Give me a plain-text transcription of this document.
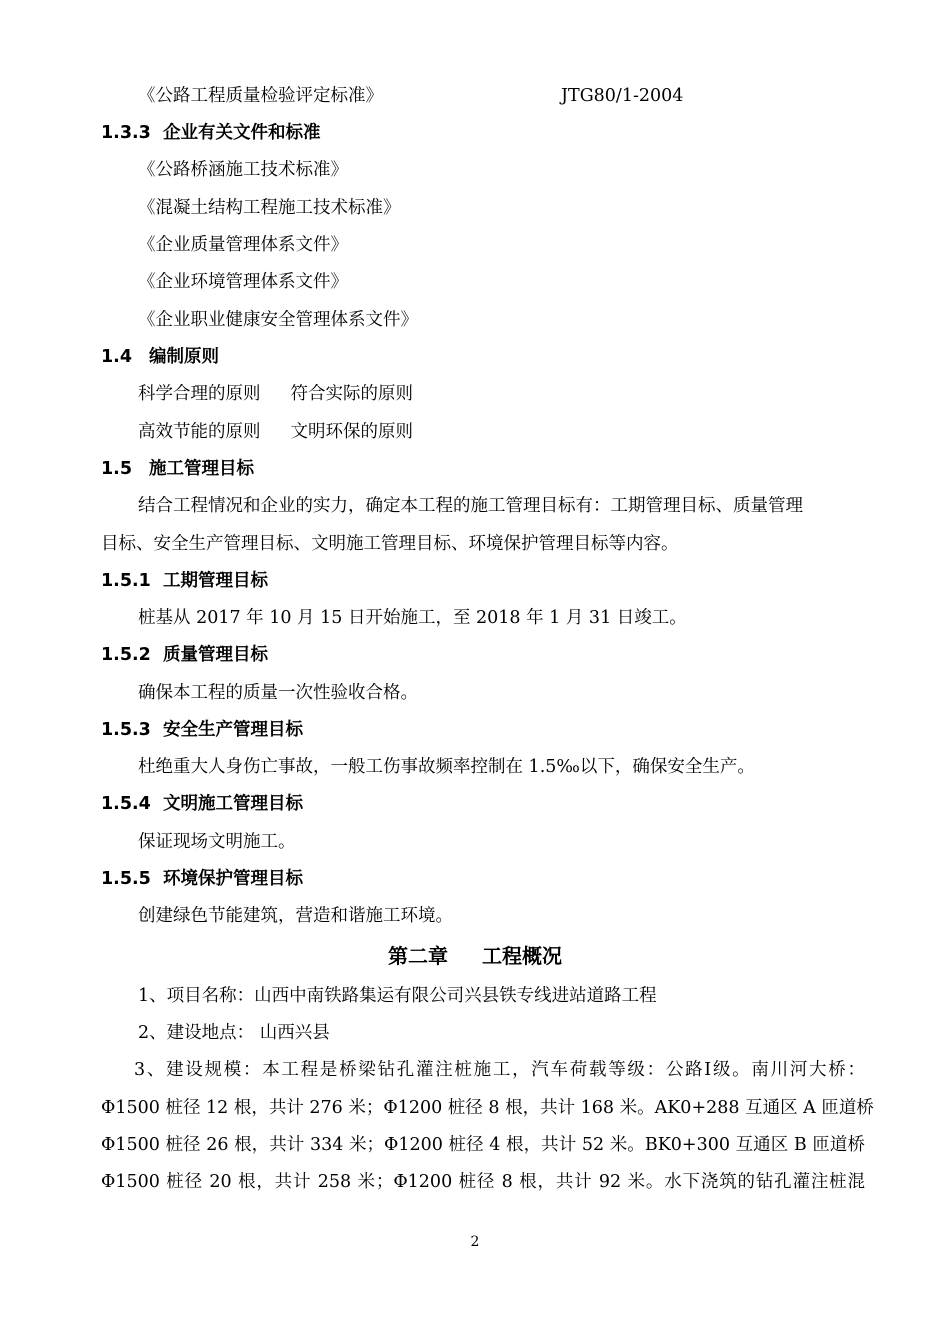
《公路工程质量检验评定标准》	JTG80/1-2004
1.3.3 企业有关文件和标准
《公路桥涵施工技术标准》
《混凝土结构工程施工技术标准》
《企业质量管理体系文件》
《企业环境管理体系文件》
《企业职业健康安全管理体系文件》
1.4 编制原则
科学合理的原则 符合实际的原则
高效节能的原则 文明环保的原则
1.5 施工管理目标
结合工程情况和企业的实力，确定本工程的施工管理目标有：工期管理目标、质量管理
目标、安全生产管理目标、文明施工管理目标、环境保护管理目标等内容。
1.5.1 工期管理目标
桩基从 2017 年 10 月 15 日开始施工，至 2018 年 1 月 31 日竣工。
1.5.2 质量管理目标
确保本工程的质量一次性验收合格。
1.5.3 安全生产管理目标
杜绝重大人身伤亡事故，一般工伤事故频率控制在 1.5‰以下，确保安全生产。
1.5.4 文明施工管理目标
保证现场文明施工。
1.5.5 环境保护管理目标
创建绿色节能建筑，营造和谐施工环境。
第二章 工程概况
1、项目名称：山西中南铁路集运有限公司兴县铁专线进站道路工程
2、建设地点： 山西兴县
3、建设规模：本工程是桥梁钻孔灌注桩施工，汽车荷载等级：公路Ⅰ级。南川河大桥：
Φ1500 桩径 12 根，共计 276 米；Φ1200 桩径 8 根，共计 168 米。AK0+288 互通区 A 匝道桥
Φ1500 桩径 26 根，共计 334 米；Φ1200 桩径 4 根，共计 52 米。BK0+300 互通区 B 匝道桥
Φ1500 桩径 20 根，共计 258 米；Φ1200 桩径 8 根，共计 92 米。水下浇筑的钻孔灌注桩混
2
